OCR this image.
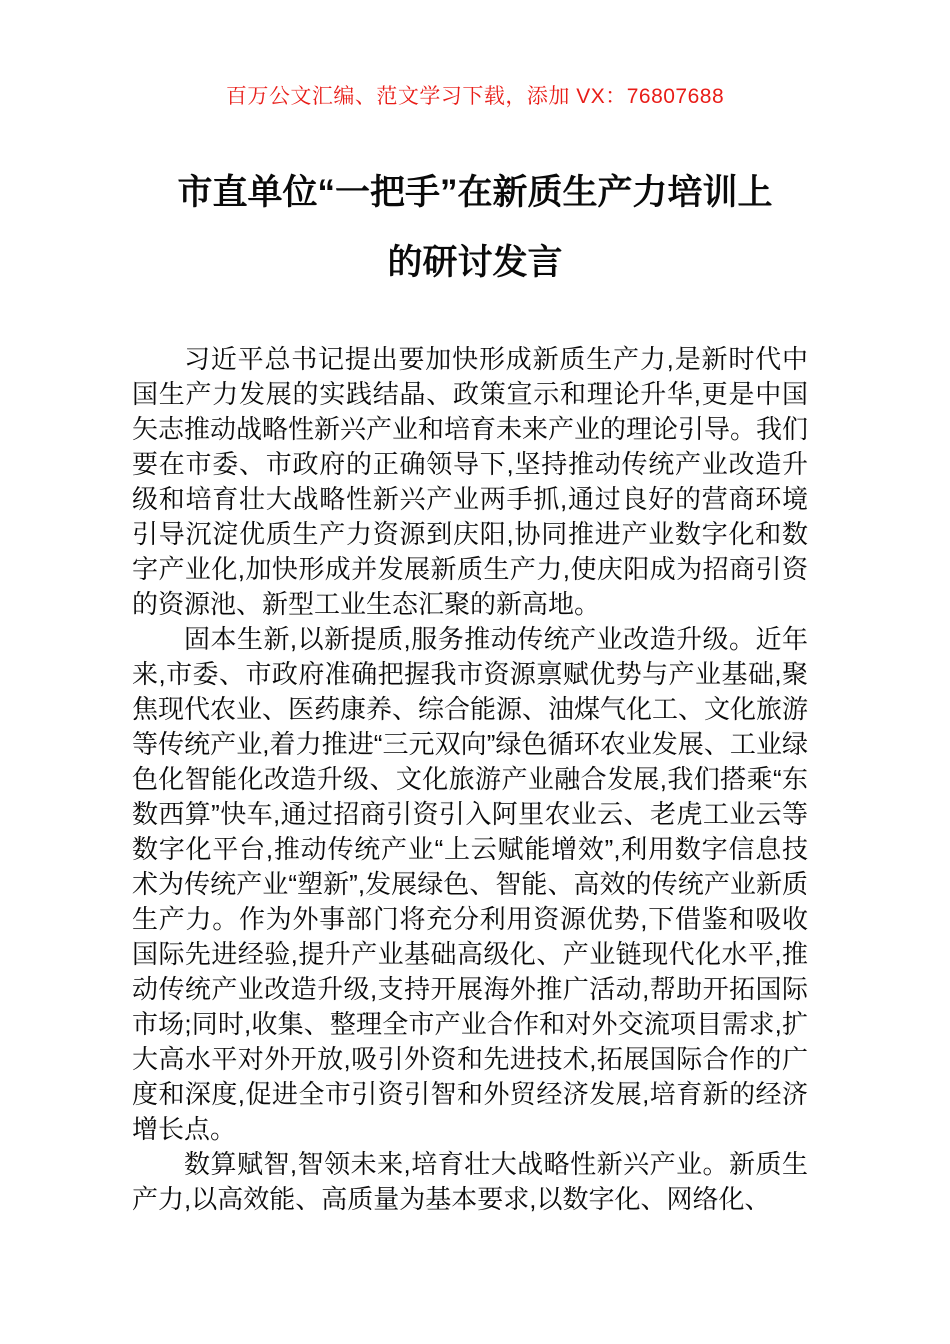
百万公文汇编、范文学习下载，添加 VX：76807688
市直单位“一把手”在新质生产力培训上
的研讨发言

习近平总书记提出要加快形成新质生产力,是新时代中国生产力发展的实践结晶、政策宣示和理论升华,更是中国矢志推动战略性新兴产业和培育未来产业的理论引导。我们要在市委、市政府的正确领导下,坚持推动传统产业改造升级和培育壮大战略性新兴产业两手抓,通过良好的营商环境引导沉淀优质生产力资源到庆阳,协同推进产业数字化和数字产业化,加快形成并发展新质生产力,使庆阳成为招商引资的资源池、新型工业生态汇聚的新高地。

固本生新,以新提质,服务推动传统产业改造升级。近年来,市委、市政府准确把握我市资源禀赋优势与产业基础,聚焦现代农业、医药康养、综合能源、油煤气化工、文化旅游等传统产业,着力推进“三元双向”绿色循环农业发展、工业绿色化智能化改造升级、文化旅游产业融合发展,我们搭乘“东数西算”快车,通过招商引资引入阿里农业云、老虎工业云等数字化平台,推动传统产业“上云赋能增效”,利用数字信息技术为传统产业“塑新”,发展绿色、智能、高效的传统产业新质生产力。作为外事部门将充分利用资源优势,下借鉴和吸收国际先进经验,提升产业基础高级化、产业链现代化水平,推动传统产业改造升级,支持开展海外推广活动,帮助开拓国际市场;同时,收集、整理全市产业合作和对外交流项目需求,扩大高水平对外开放,吸引外资和先进技术,拓展国际合作的广度和深度,促进全市引资引智和外贸经济发展,培育新的经济增长点。

数算赋智,智领未来,培育壮大战略性新兴产业。新质生产力,以高效能、高质量为基本要求,以数字化、网络化、
